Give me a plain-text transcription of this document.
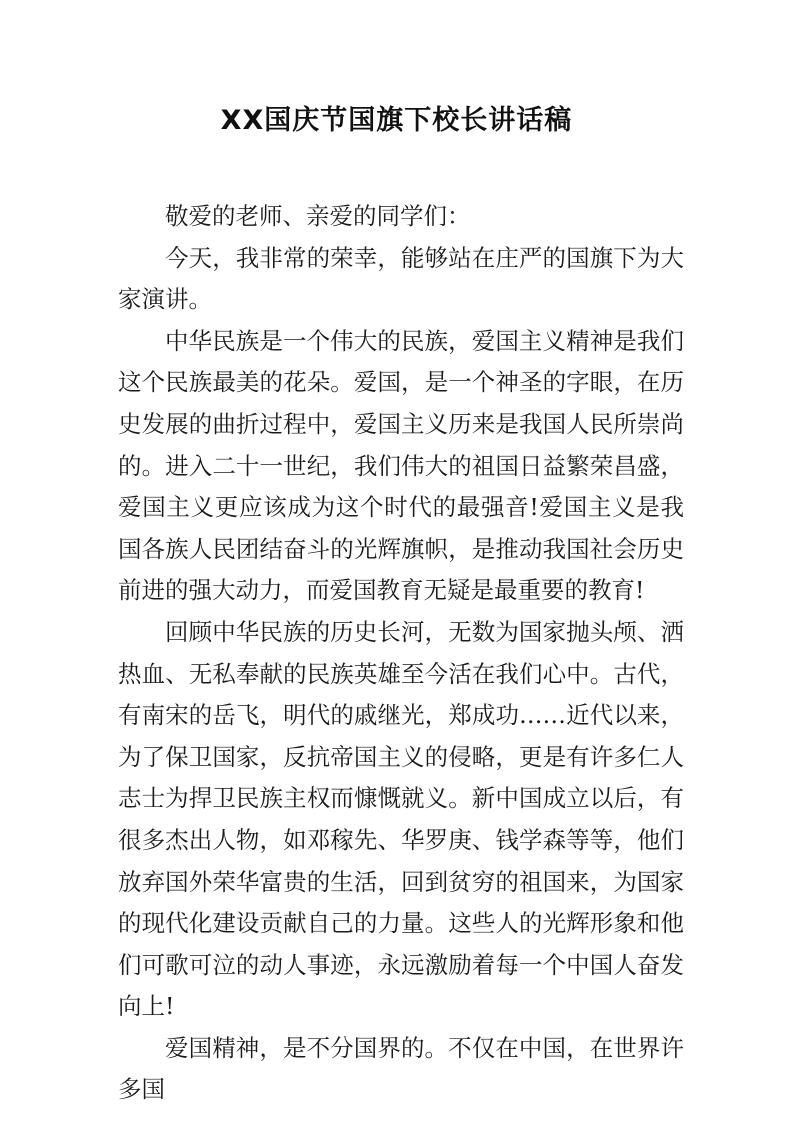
XX国庆节国旗下校长讲话稿

敬爱的老师、亲爱的同学们：

今天，我非常的荣幸，能够站在庄严的国旗下为大家演讲。

中华民族是一个伟大的民族，爱国主义精神是我们这个民族最美的花朵。爱国，是一个神圣的字眼，在历史发展的曲折过程中，爱国主义历来是我国人民所崇尚的。进入二十一世纪，我们伟大的祖国日益繁荣昌盛，爱国主义更应该成为这个时代的最强音!爱国主义是我国各族人民团结奋斗的光辉旗帜，是推动我国社会历史前进的强大动力，而爱国教育无疑是最重要的教育!

回顾中华民族的历史长河，无数为国家抛头颅、洒热血、无私奉献的民族英雄至今活在我们心中。古代，有南宋的岳飞，明代的戚继光，郑成功……近代以来，为了保卫国家，反抗帝国主义的侵略，更是有许多仁人志士为捍卫民族主权而慷慨就义。新中国成立以后，有很多杰出人物，如邓稼先、华罗庚、钱学森等等，他们放弃国外荣华富贵的生活，回到贫穷的祖国来，为国家的现代化建设贡献自己的力量。这些人的光辉形象和他们可歌可泣的动人事迹，永远激励着每一个中国人奋发向上!

爱国精神，是不分国界的。不仅在中国，在世界许多国
